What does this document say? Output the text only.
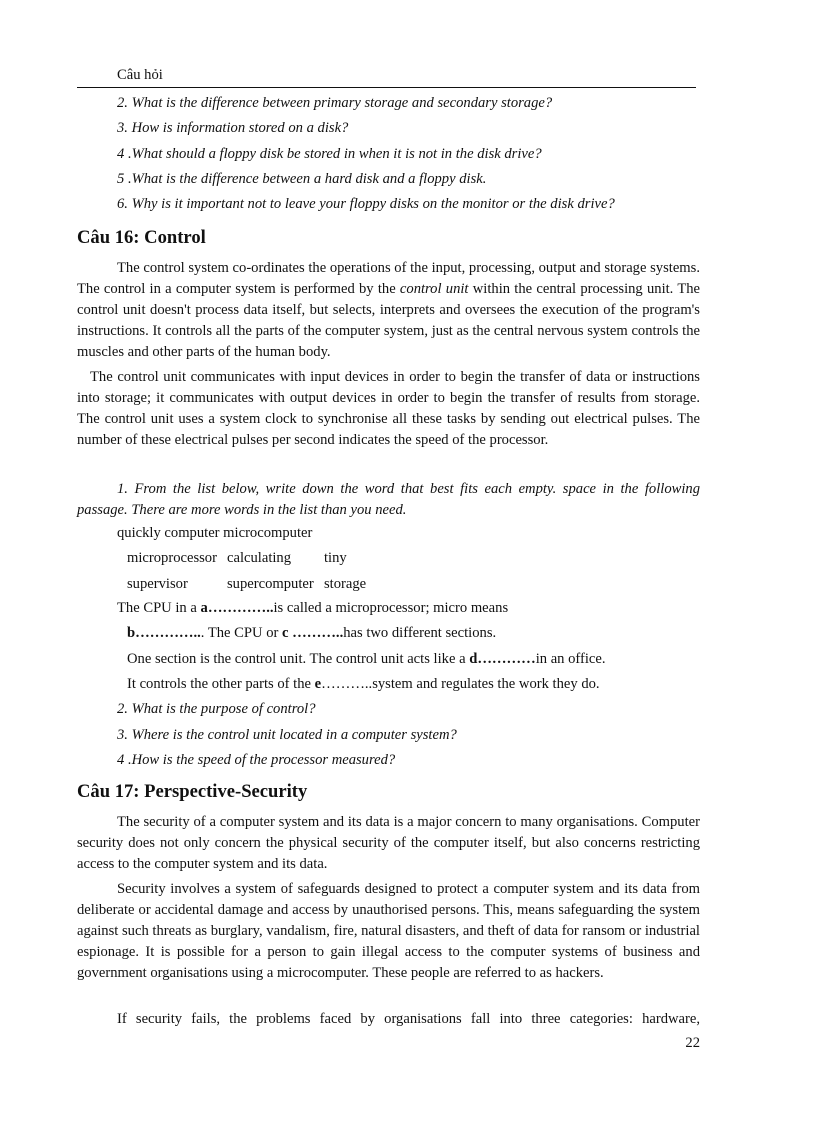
Câu hỏi
2. What is the difference between primary storage and secondary storage?
3. How is information stored on a disk?
4 .What should a floppy disk be stored in when it is not in the disk drive?
5 .What is the difference between a hard disk and a floppy disk.
6. Why is it important not to leave your floppy disks on the monitor or the disk drive?
Câu 16: Control

The control system co-ordinates the operations of the input, processing, output and storage systems. The control in a computer system is performed by the control unit within the central processing unit. The control unit doesn't process data itself, but selects, interprets and oversees the execution of the program's instructions. It controls all the parts of the computer system, just as the central nervous system controls the muscles and other parts of the human body.

The control unit communicates with input devices in order to begin the transfer of data or instructions into storage; it communicates with output devices in order to begin the transfer of results from storage. The control unit uses a system clock to synchronise all these tasks by sending out electrical pulses. The number of these electrical pulses per second indicates the speed of the processor.

1. From the list below, write down the word that best fits each empty. space in the following passage. There are more words in the list than you need.

quickly computer microcomputer
microprocessor calculating tiny
supervisor	supercomputer storage
The CPU in a a…………..is called a microprocessor; micro means
b…………... The CPU or c ………..has two different sections.
One section is the control unit. The control unit acts like a d…………in an office.
It controls the other parts of the e………..system and regulates the work they do.
2. What is the purpose of control?
3. Where is the control unit located in a computer system?
4 .How is the speed of the processor measured?
Câu 17: Perspective-Security

The security of a computer system and its data is a major concern to many organisations. Computer security does not only concern the physical security of the computer itself, but also concerns restricting access to the computer system and its data.

Security involves a system of safeguards designed to protect a computer system and its data from deliberate or accidental damage and access by unauthorised persons. This, means safeguarding the system against such threats as burglary, vandalism, fire, natural disasters, and theft of data for ransom or industrial espionage. It is possible for a person to gain illegal access to the computer systems of business and government organisations using a microcomputer. These people are referred to as hackers.

If security fails, the problems faced by organisations fall into three categories: hardware,

22
